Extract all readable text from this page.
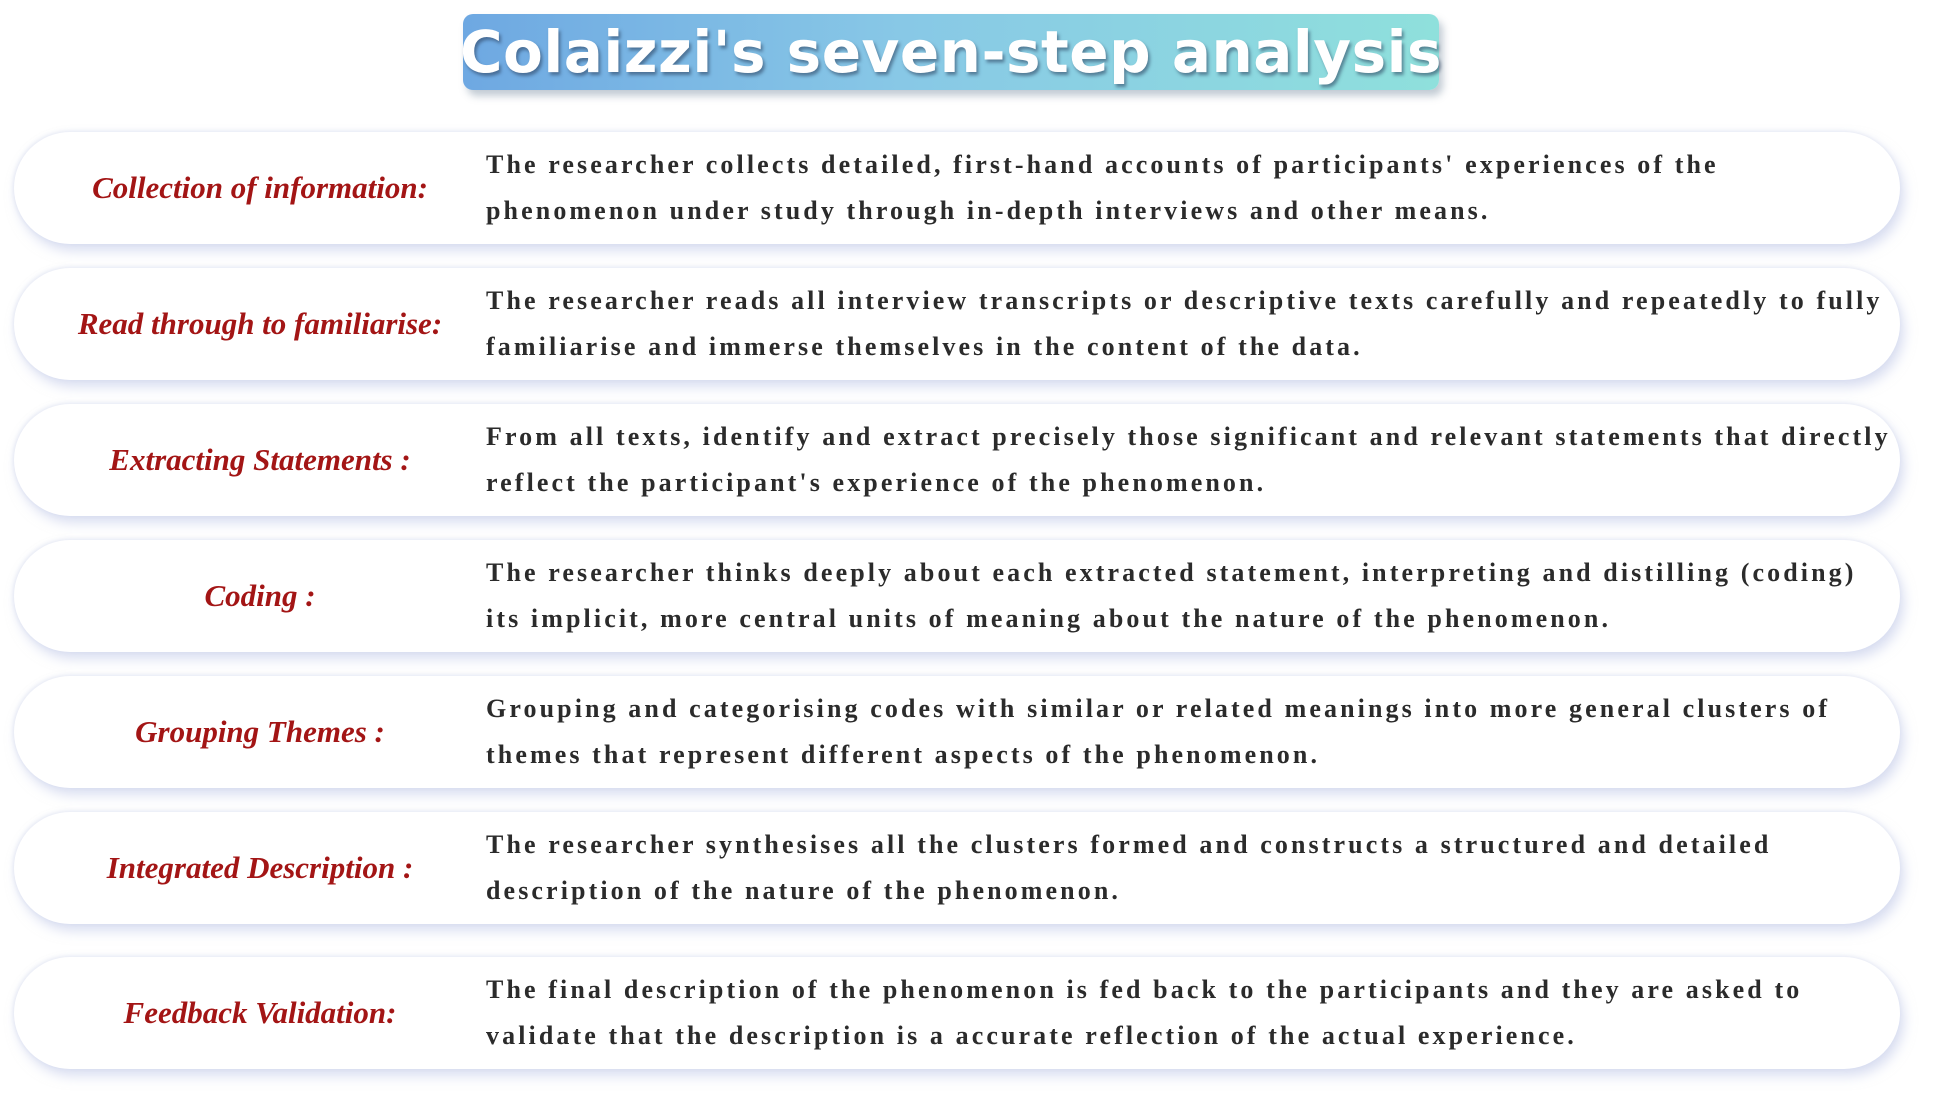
Colaizzi's seven-step analysis
Collection of information:
The researcher collects detailed, first-hand accounts of participants' experiences of the phenomenon under study through in-depth interviews and other means.
Read through to familiarise:
The researcher reads all interview transcripts or descriptive texts carefully and repeatedly to fully familiarise and immerse themselves in the content of the data.
Extracting Statements :
From all texts, identify and extract precisely those significant and relevant statements that directly reflect the participant's experience of the phenomenon.
Coding :
The researcher thinks deeply about each extracted statement, interpreting and distilling (coding) its implicit, more central units of meaning about the nature of the phenomenon.
Grouping Themes :
Grouping and categorising codes with similar or related meanings into more general clusters of themes that represent different aspects of the phenomenon.
Integrated Description :
The researcher synthesises all the clusters formed and constructs a structured and detailed description of the nature of the phenomenon.
Feedback Validation:
The final description of the phenomenon is fed back to the participants and they are asked to validate that the description is a accurate reflection of the actual experience.
